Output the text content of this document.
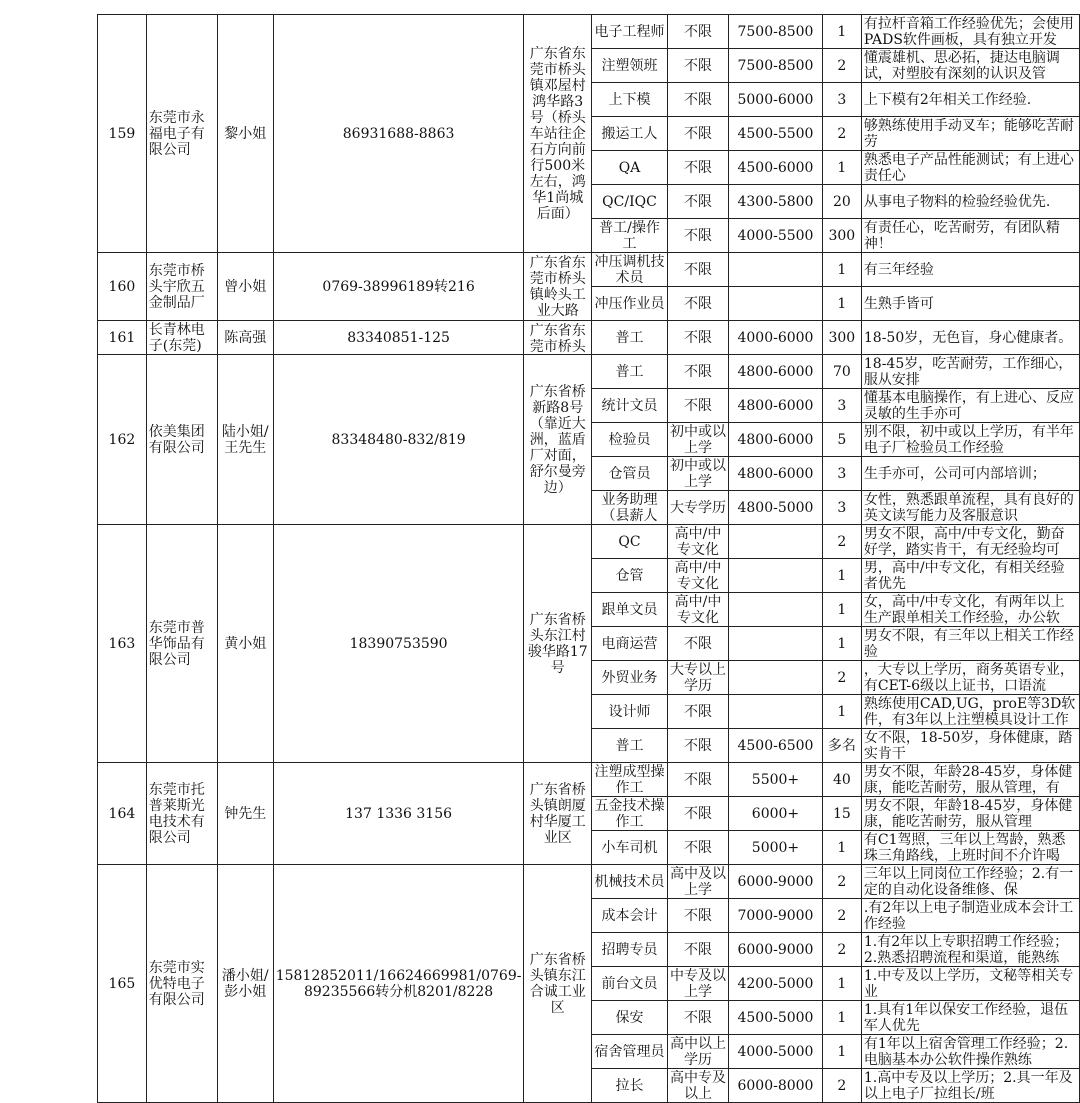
159	东莞市永福电子有限公司	黎小姐	86931688-8863	广东省东莞市桥头镇邓屋村鸿华路3号（桥头车站往企石方向前行500米左右，鸿华1尚城后面）	电子工程师	不限	7500-8500	1	有拉杆音箱工作经验优先；会使用PADS软件画板，具有独立开发

					注塑领班	不限	7500-8500	2	懂震雄机、思必拓，捷达电脑调试，对塑胶有深刻的认识及管

					上下模	不限	5000-6000	3	上下模有2年相关工作经验.

					搬运工人	不限	4500-5500	2	够熟练使用手动叉车；能够吃苦耐劳

					QA	不限	4500-6000	1	熟悉电子产品性能测试；有上进心责任心

					QC/IQC	不限	4300-5800	20	从事电子物料的检验经验优先.

					普工/操作工	不限	4000-5500	300	有责任心，吃苦耐劳，有团队精神！

160	东莞市桥头宇欣五金制品厂	曾小姐	0769-38996189转216	广东省东莞市桥头镇岭头工业大路	冲压调机技术员	不限		1	有三年经验

					冲压作业员	不限		1	生熟手皆可

161	长青林电子(东莞)	陈高强	83340851-125	广东省东莞市桥头	普工	不限	4000-6000	300	18-50岁，无色盲，身心健康者。

162	依美集团有限公司	陆小姐/王先生	83348480-832/819	广东省桥新路8号（靠近大洲，蓝盾厂对面，舒尔曼旁边）	普工	不限	4800-6000	70	18-45岁，吃苦耐劳，工作细心，服从安排

					统计文员	不限	4800-6000	3	懂基本电脑操作，有上进心、反应灵敏的生手亦可

					检验员	初中或以上学	4800-6000	5	别不限，初中或以上学历，有半年电子厂检验员工作经验

					仓管员	初中或以上学	4800-6000	3	生手亦可，公司可内部培训；

					业务助理（县薪人	大专学历	4800-5000	3	女性，熟悉跟单流程，具有良好的英文读写能力及客服意识

163	东莞市普华饰品有限公司	黄小姐	18390753590	广东省桥头东江村骏华路17号	QC	高中/中专文化		2	男女不限，高中/中专文化，勤奋好学，踏实肯干，有无经验均可

					仓管	高中/中专文化		1	男，高中/中专文化，有相关经验者优先

					跟单文员	高中/中专文化		1	女，高中/中专文化，有两年以上生产跟单相关工作经验，办公软

					电商运营	不限		1	男女不限，有三年以上相关工作经验

					外贸业务	大专以上学历		2	，大专以上学历，商务英语专业，有CET-6级以上证书，口语流

					设计师	不限		1	熟练使用CAD,UG，proE等3D软件，有3年以上注塑模具设计工作

					普工	不限	4500-6500	多名	女不限，18-50岁，身体健康，踏实肯干

164	东莞市托普莱斯光电技术有限公司	钟先生	137 1336 3156	广东省桥头镇朗厦村华厦工业区	注塑成型操作工	不限	5500+	40	男女不限，年龄28-45岁，身体健康，能吃苦耐劳，服从管理，有

					五金技术操作工	不限	6000+	15	男女不限，年龄18-45岁，身体健康，能吃苦耐劳，服从管理

					小车司机	不限	5000+	1	有C1驾照，三年以上驾龄，熟悉珠三角路线，上班时间不介许喝

165	东莞市实优特电子有限公司	潘小姐/彭小姐	15812852011/16624669981/0769-89235566转分机8201/8228	广东省桥头镇东江合诚工业区	机械技术员	高中及以上学	6000-9000	2	三年以上同岗位工作经验；2.有一定的自动化设备维修、保

					成本会计	不限	7000-9000	2	.有2年以上电子制造业成本会计工作经验

					招聘专员	不限	6000-9000	2	1.有2年以上专职招聘工作经验；2.熟悉招聘流程和渠道，能熟练

					前台文员	中专及以上学	4200-5000	1	1.中专及以上学历，文秘等相关专业

					保安	不限	4500-5000	1	1.具有1年以保安工作经验，退伍军人优先

					宿舍管理员	高中以上学历	4000-5000	1	有1年以上宿舍管理工作经验；2.电脑基本办公软件操作熟练

					拉长	高中专及以上	6000-8000	2	1.高中专及以上学历；2.具一年及以上电子厂拉组长/班
